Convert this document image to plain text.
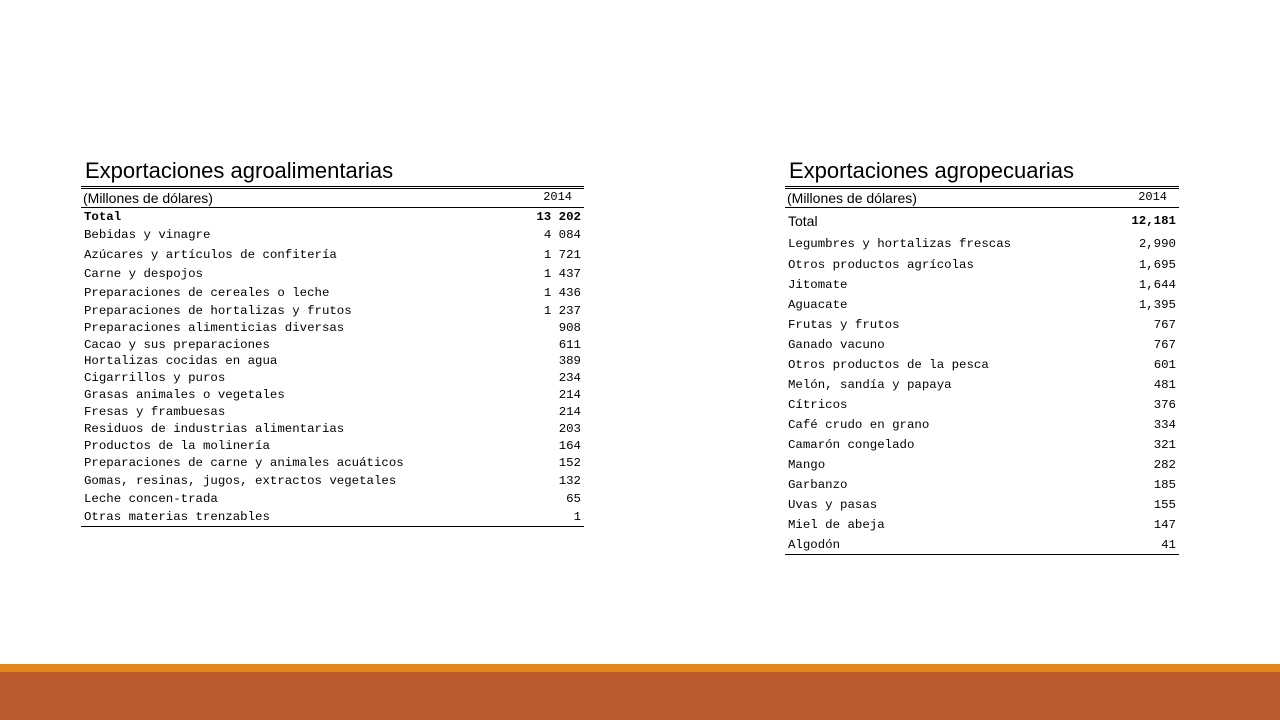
Exportaciones agroalimentarias
(Millones de dólares)	2014
Total	13 202
Bebidas y vinagre	4 084
Azúcares y artículos de confitería	1 721
Carne y despojos	1 437
Preparaciones de cereales o leche	1 436
Preparaciones de hortalizas y frutos	1 237
Preparaciones alimenticias diversas	908
Cacao y sus preparaciones	611
Hortalizas cocidas en agua	389
Cigarrillos y puros	234
Grasas animales o vegetales	214
Fresas y frambuesas	214
Residuos de industrias alimentarias	203
Productos de la molinería	164
Preparaciones de carne y animales acuáticos	152
Gomas, resinas, jugos, extractos vegetales	132
Leche concen-trada	65
Otras materias trenzables	1
Exportaciones agropecuarias
(Millones de dólares)	2014
Total	12,181
Legumbres y hortalizas frescas	2,990
Otros productos agrícolas	1,695
Jitomate	1,644
Aguacate	1,395
Frutas y frutos	767
Ganado vacuno	767
Otros productos de la pesca	601
Melón, sandía y papaya	481
Cítricos	376
Café crudo en grano	334
Camarón congelado	321
Mango	282
Garbanzo	185
Uvas y pasas	155
Miel de abeja	147
Algodón	41
